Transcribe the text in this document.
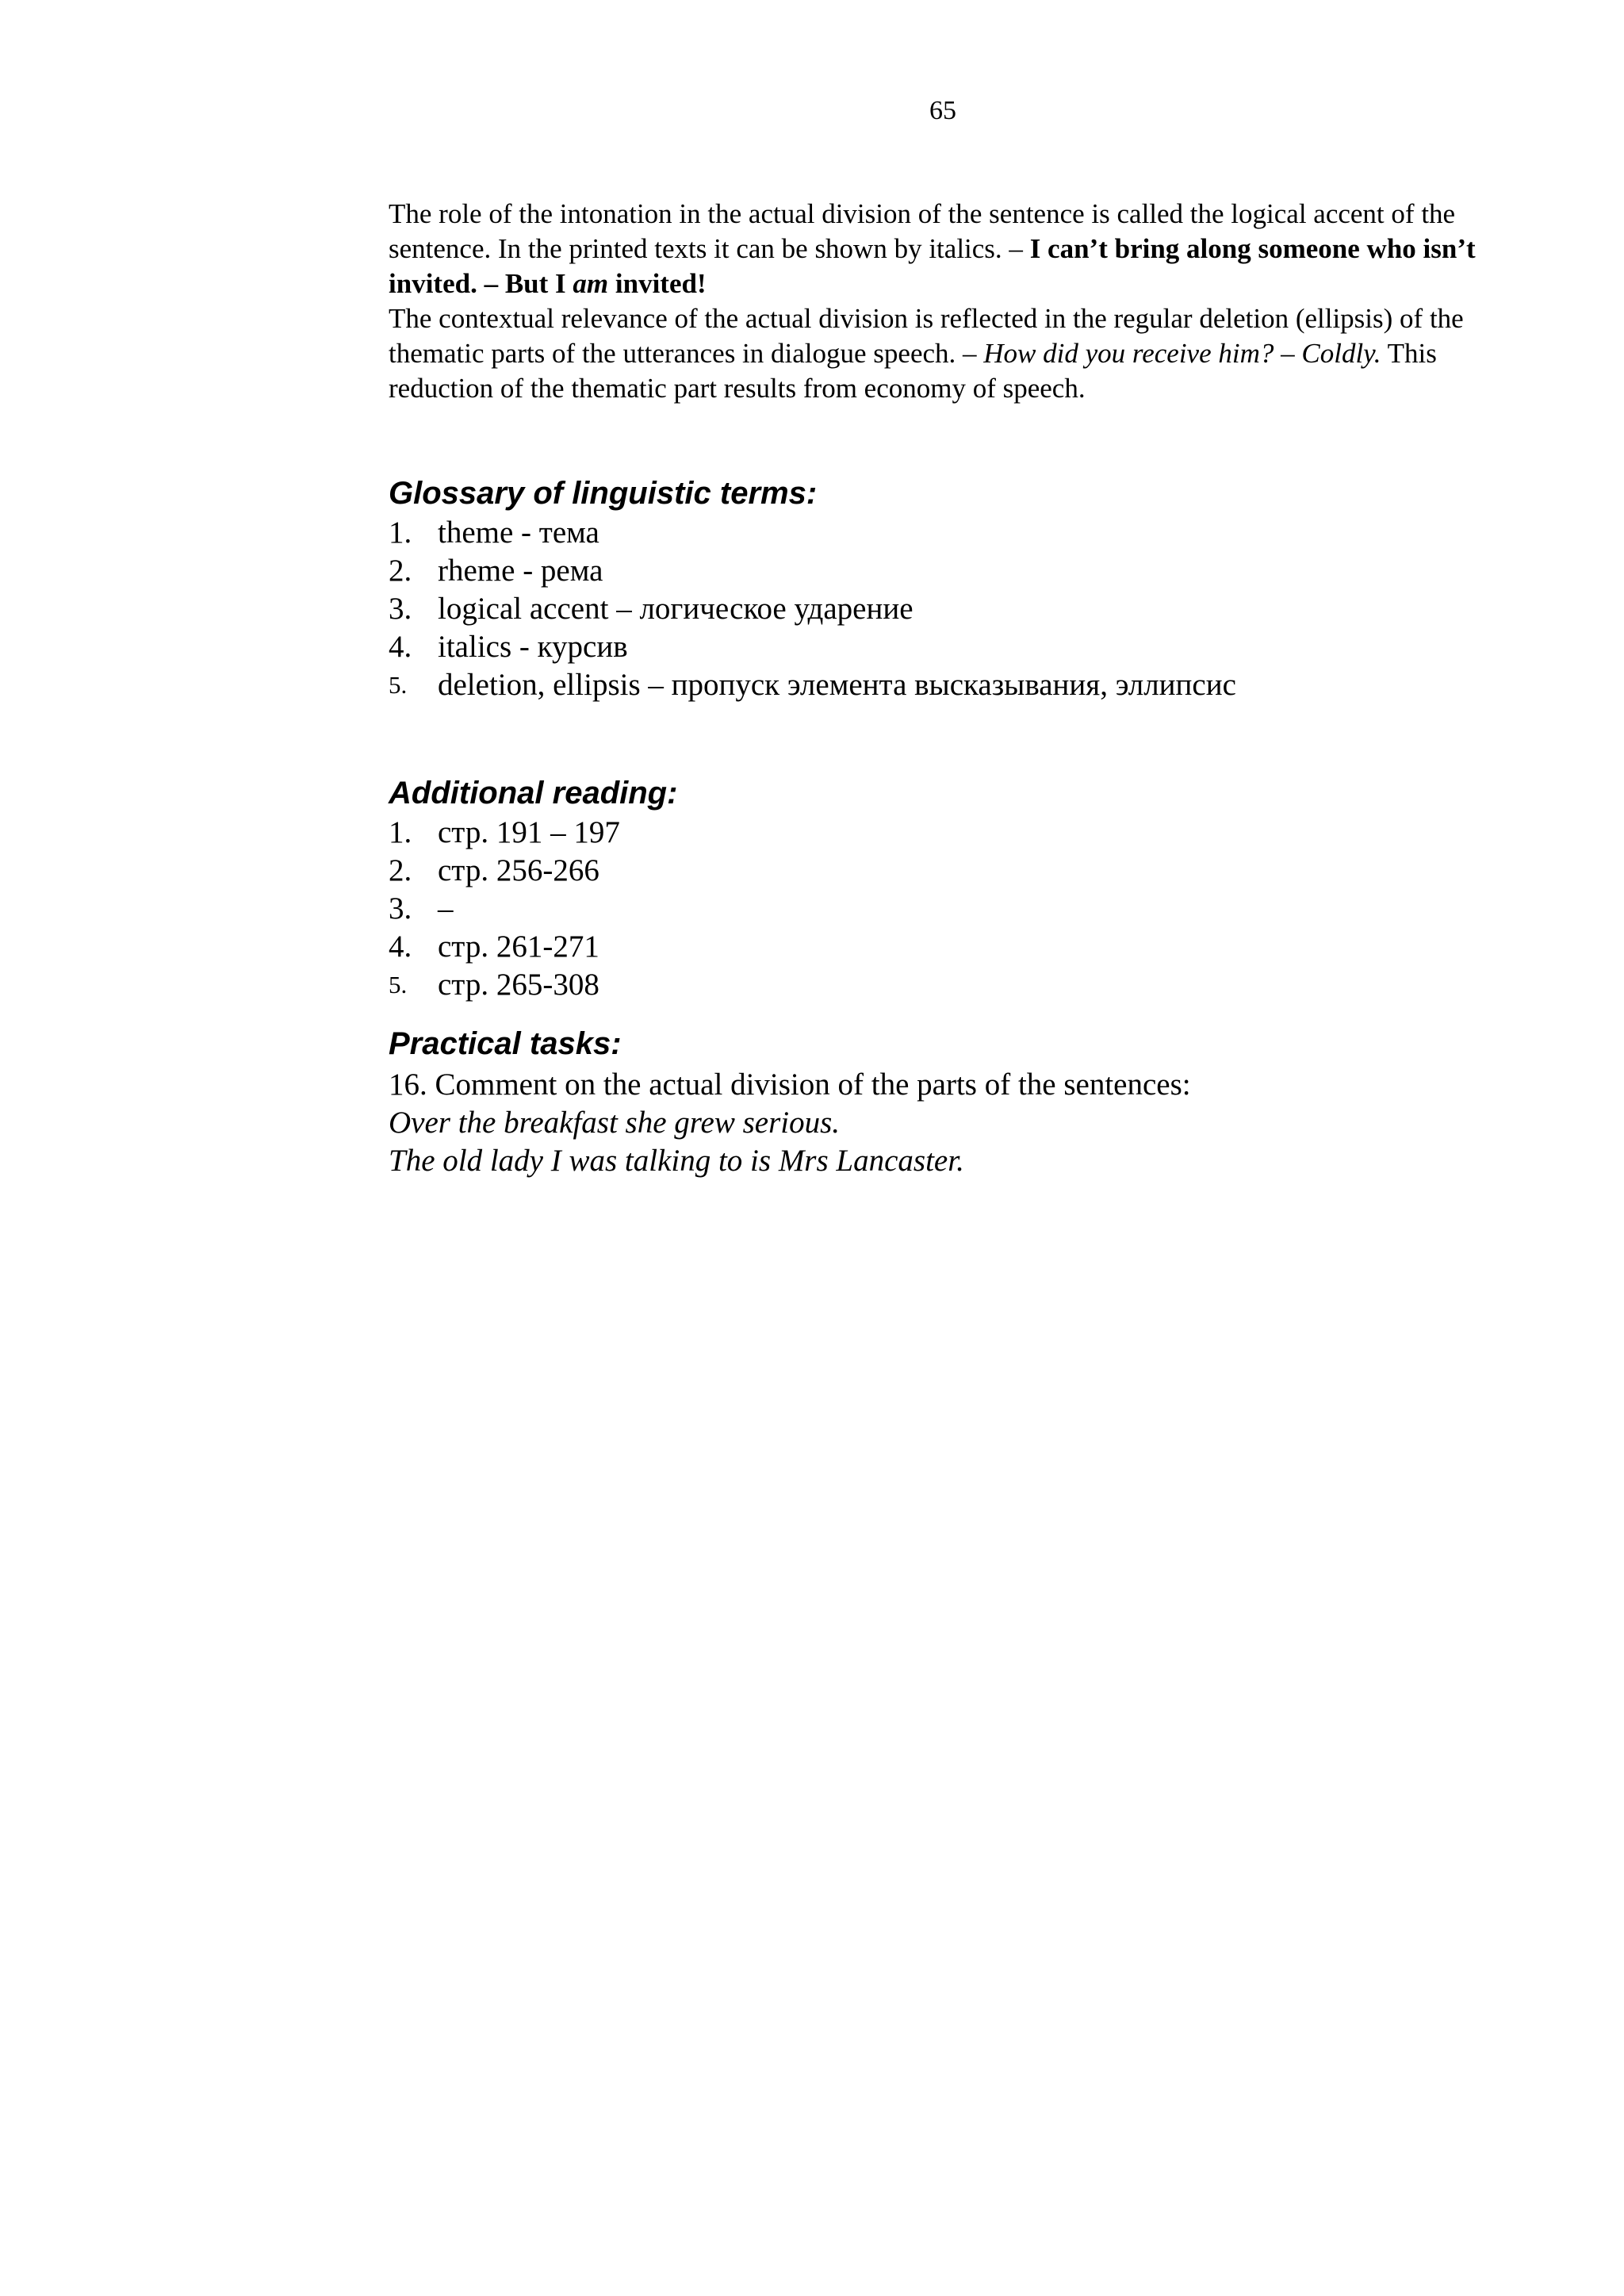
65

The role of the intonation in the actual division of the sentence is called the logical accent of the sentence. In the printed texts it can be shown by italics. – I can’t bring along someone who isn’t invited. – But I am invited!

The contextual relevance of the actual division is reflected in the regular deletion (ellipsis) of the thematic parts of the utterances in dialogue speech. – How did you receive him? – Coldly. This reduction of the thematic part results from economy of speech.

Glossary of linguistic terms:
1. theme - тема
2. rheme - рема
3. logical accent – логическое ударение
4. italics - курсив
5. deletion, ellipsis – пропуск элемента высказывания, эллипсис
Additional reading:
1. стр. 191 – 197
2. стр. 256-266
3. –
4. стр. 261-271
5. стр. 265-308
Practical tasks:

16. Comment on the actual division of the parts of the sentences:

Over the breakfast she grew serious.

The old lady I was talking to is Mrs Lancaster.
